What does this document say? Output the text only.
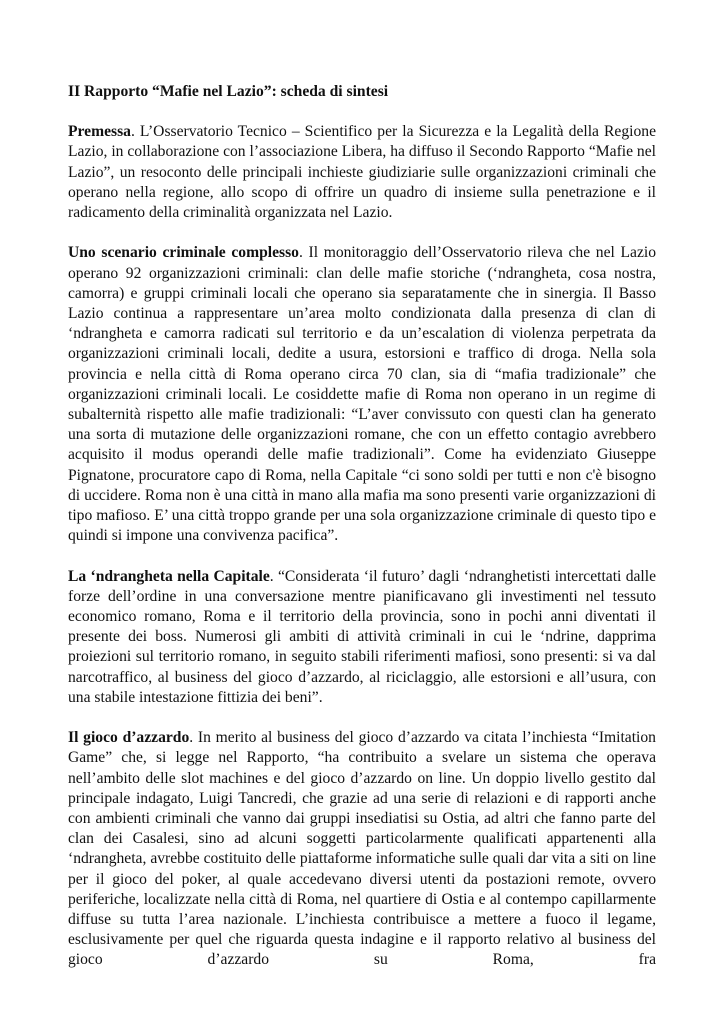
II Rapporto “Mafie nel Lazio”: scheda di sintesi

Premessa. L’Osservatorio Tecnico – Scientifico per la Sicurezza e la Legalità della Regione Lazio, in collaborazione con l’associazione Libera, ha diffuso il Secondo Rapporto “Mafie nel Lazio”, un resoconto delle principali inchieste giudiziarie sulle organizzazioni criminali che operano nella regione, allo scopo di offrire un quadro di insieme sulla penetrazione e il radicamento della criminalità organizzata nel Lazio.

Uno scenario criminale complesso. Il monitoraggio dell’Osservatorio rileva che nel Lazio operano 92 organizzazioni criminali: clan delle mafie storiche (‘ndrangheta, cosa nostra, camorra) e gruppi criminali locali che operano sia separatamente che in sinergia. Il Basso Lazio continua a rappresentare un’area molto condizionata dalla presenza di clan di ‘ndrangheta e camorra radicati sul territorio e da un’escalation di violenza perpetrata da organizzazioni criminali locali, dedite a usura, estorsioni e traffico di droga. Nella sola provincia e nella città di Roma operano circa 70 clan, sia di “mafia tradizionale” che organizzazioni criminali locali. Le cosiddette mafie di Roma non operano in un regime di subalternità rispetto alle mafie tradizionali: “L’aver convissuto con questi clan ha generato una sorta di mutazione delle organizzazioni romane, che con un effetto contagio avrebbero acquisito il modus operandi delle mafie tradizionali”. Come ha evidenziato Giuseppe Pignatone, procuratore capo di Roma, nella Capitale “ci sono soldi per tutti e non c'è bisogno di uccidere. Roma non è una città in mano alla mafia ma sono presenti varie organizzazioni di tipo mafioso. E’ una città troppo grande per una sola organizzazione criminale di questo tipo e quindi si impone una convivenza pacifica”.

La ‘ndrangheta nella Capitale. “Considerata ‘il futuro’ dagli ‘ndranghetisti intercettati dalle forze dell’ordine in una conversazione mentre pianificavano gli investimenti nel tessuto economico romano, Roma e il territorio della provincia, sono in pochi anni diventati il presente dei boss. Numerosi gli ambiti di attività criminali in cui le ‘ndrine, dapprima proiezioni sul territorio romano, in seguito stabili riferimenti mafiosi, sono presenti: si va dal narcotraffico, al business del gioco d’azzardo, al riciclaggio, alle estorsioni e all’usura, con una stabile intestazione fittizia dei beni”.

Il gioco d’azzardo. In merito al business del gioco d’azzardo va citata l’inchiesta “Imitation Game” che, si legge nel Rapporto, “ha contribuito a svelare un sistema che operava nell’ambito delle slot machines e del gioco d’azzardo on line. Un doppio livello gestito dal principale indagato, Luigi Tancredi, che grazie ad una serie di relazioni e di rapporti anche con ambienti criminali che vanno dai gruppi insediatisi su Ostia, ad altri che fanno parte del clan dei Casalesi, sino ad alcuni soggetti particolarmente qualificati appartenenti alla ‘ndrangheta, avrebbe costituito delle piattaforme informatiche sulle quali dar vita a siti on line per il gioco del poker, al quale accedevano diversi utenti da postazioni remote, ovvero periferiche, localizzate nella città di Roma, nel quartiere di Ostia e al contempo capillarmente diffuse su tutta l’area nazionale. L’inchiesta contribuisce a mettere a fuoco il legame, esclusivamente per quel che riguarda questa indagine e il rapporto relativo al business del gioco d’azzardo su Roma, fra
